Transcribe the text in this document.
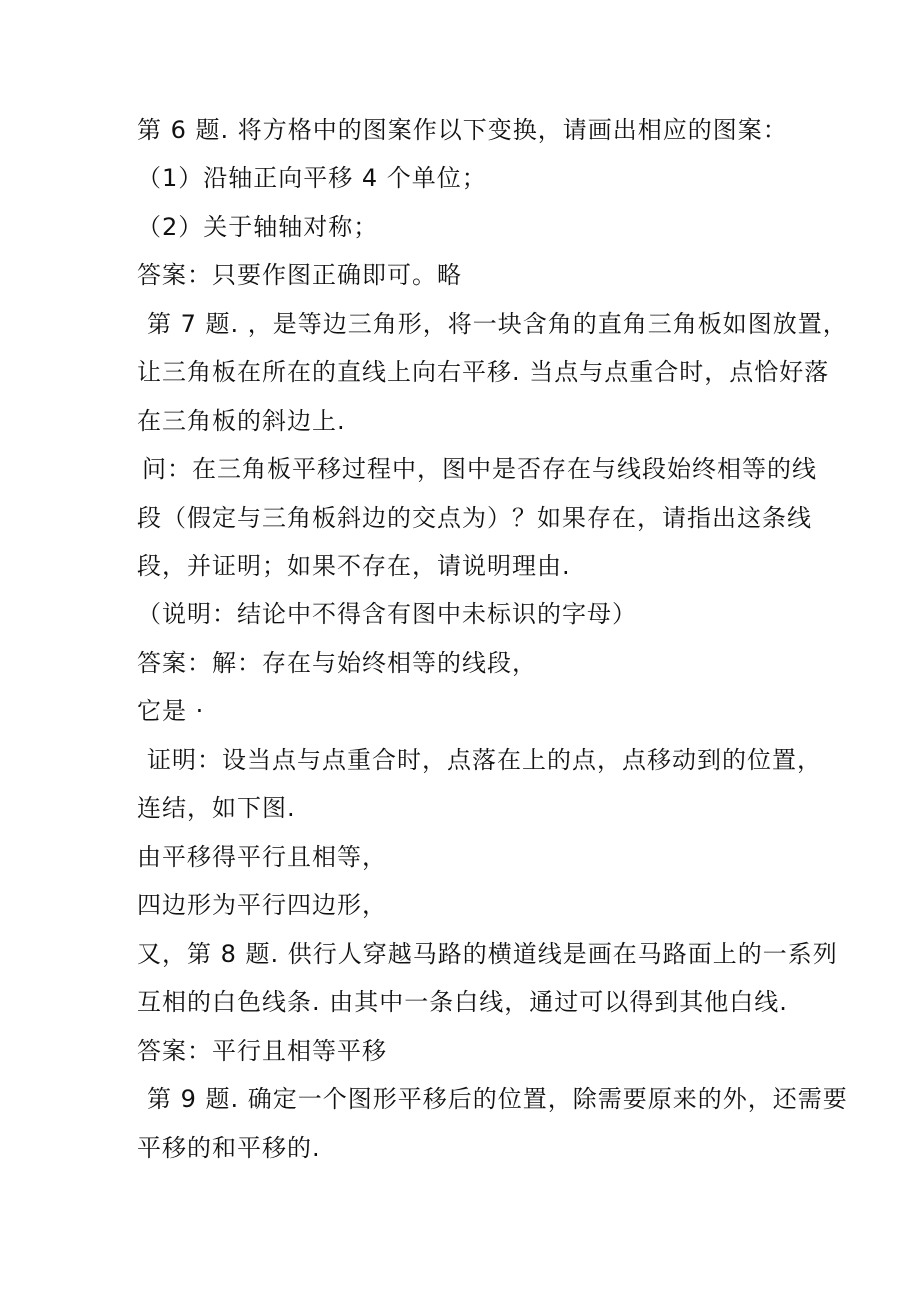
第 6 题. 将方格中的图案作以下变换，请画出相应的图案：
（1）沿轴正向平移 4 个单位；
（2）关于轴轴对称；
答案：只要作图正确即可。略
第 7 题. ，是等边三角形，将一块含角的直角三角板如图放置，
让三角板在所在的直线上向右平移. 当点与点重合时，点恰好落
在三角板的斜边上.
问：在三角板平移过程中，图中是否存在与线段始终相等的线
段（假定与三角板斜边的交点为）？如果存在，请指出这条线
段，并证明；如果不存在，请说明理由.
（说明：结论中不得含有图中未标识的字母）
答案：解：存在与始终相等的线段，
它是 ·
证明：设当点与点重合时，点落在上的点，点移动到的位置，
连结，如下图.
由平移得平行且相等，
四边形为平行四边形，
又，第 8 题. 供行人穿越马路的横道线是画在马路面上的一系列
互相的白色线条. 由其中一条白线，通过可以得到其他白线.
答案：平行且相等平移
第 9 题. 确定一个图形平移后的位置，除需要原来的外，还需要
平移的和平移的.
